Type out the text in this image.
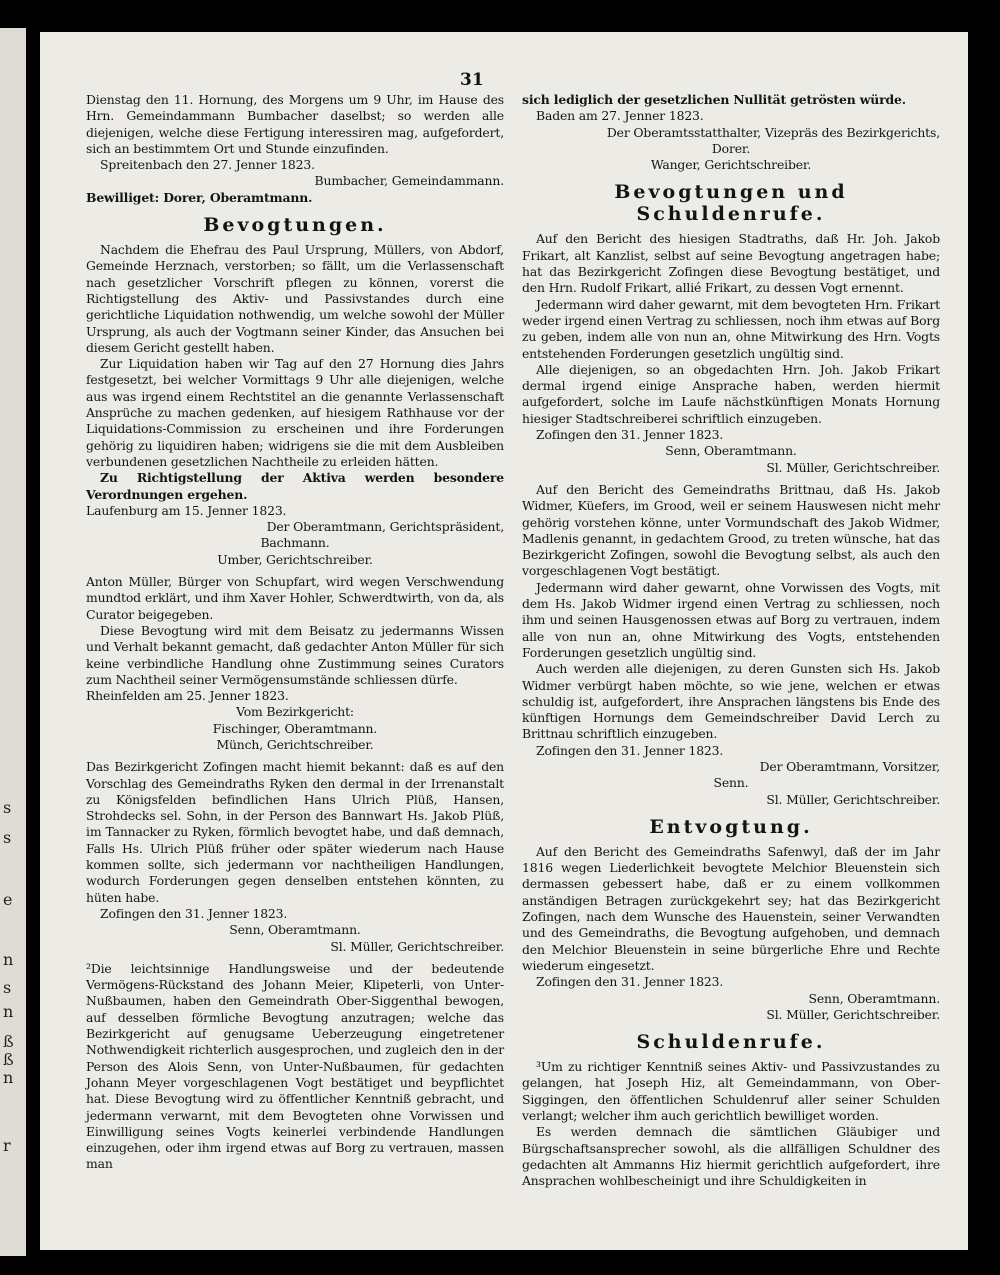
s
s
e
n
s
n
ß
ß
n
r
31

Dienstag den 11. Hornung, des Morgens um 9 Uhr, im Hause des Hrn. Gemeindammann Bumbacher daselbst; so werden alle diejenigen, welche diese Fertigung interessiren mag, aufgefordert, sich an bestimmtem Ort und Stunde einzufinden.

Spreitenbach den 27. Jenner 1823.

Bumbacher, Gemeindammann.

Bewilliget: Dorer, Oberamtmann.

Bevogtungen.

Nachdem die Ehefrau des Paul Ursprung, Müllers, von Abdorf, Gemeinde Herznach, verstorben; so fällt, um die Verlassenschaft nach gesetzlicher Vorschrift pflegen zu können, vorerst die Richtigstellung des Aktiv- und Passivstandes durch eine gerichtliche Liquidation nothwendig, um welche sowohl der Müller Ursprung, als auch der Vogtmann seiner Kinder, das Ansuchen bei diesem Gericht gestellt haben.

Zur Liquidation haben wir Tag auf den 27 Hornung dies Jahrs festgesetzt, bei welcher Vormittags 9 Uhr alle diejenigen, welche aus was irgend einem Rechtstitel an die genannte Verlassenschaft Ansprüche zu machen gedenken, auf hiesigem Rathhause vor der Liquidations-Commission zu erscheinen und ihre Forderungen gehörig zu liquidiren haben; widrigens sie die mit dem Ausbleiben verbundenen gesetzlichen Nachtheile zu erleiden hätten.

Zu Richtigstellung der Aktiva werden besondere Verordnungen ergehen.

Laufenburg am 15. Jenner 1823.

Der Oberamtmann, Gerichtspräsident,

Bachmann.

Umber, Gerichtschreiber.

Anton Müller, Bürger von Schupfart, wird wegen Verschwendung mundtod erklärt, und ihm Xaver Hohler, Schwerdtwirth, von da, als Curator beigegeben.

Diese Bevogtung wird mit dem Beisatz zu jedermanns Wissen und Verhalt bekannt gemacht, daß gedachter Anton Müller für sich keine verbindliche Handlung ohne Zustimmung seines Curators zum Nachtheil seiner Vermögensumstände schliessen dürfe.

Rheinfelden am 25. Jenner 1823.

Vom Bezirkgericht:

Fischinger, Oberamtmann.

Münch, Gerichtschreiber.

Das Bezirkgericht Zofingen macht hiemit bekannt: daß es auf den Vorschlag des Gemeindraths Ryken den dermal in der Irrenanstalt zu Königsfelden befindlichen Hans Ulrich Plüß, Hansen, Strohdecks sel. Sohn, in der Person des Bannwart Hs. Jakob Plüß, im Tannacker zu Ryken, förmlich bevogtet habe, und daß demnach, Falls Hs. Ulrich Plüß früher oder später wiederum nach Hause kommen sollte, sich jedermann vor nachtheiligen Handlungen, wodurch Forderungen gegen denselben entstehen könnten, zu hüten habe.

Zofingen den 31. Jenner 1823.

Senn, Oberamtmann.

Sl. Müller, Gerichtschreiber.

²Die leichtsinnige Handlungsweise und der bedeutende Vermögens-Rückstand des Johann Meier, Klipeterli, von Unter-Nußbaumen, haben den Gemeindrath Ober-Siggenthal bewogen, auf desselben förmliche Bevogtung anzutragen; welche das Bezirkgericht auf genugsame Ueberzeugung eingetretener Nothwendigkeit richterlich ausgesprochen, und zugleich den in der Person des Alois Senn, von Unter-Nußbaumen, für gedachten Johann Meyer vorgeschlagenen Vogt bestätiget und beypflichtet hat. Diese Bevogtung wird zu öffentlicher Kenntniß gebracht, und jedermann verwarnt, mit dem Bevogteten ohne Vorwissen und Einwilligung seines Vogts keinerlei verbindende Handlungen einzugehen, oder ihm irgend etwas auf Borg zu vertrauen, massen man

sich lediglich der gesetzlichen Nullität getrösten würde.

Baden am 27. Jenner 1823.

Der Oberamtsstatthalter, Vizepräs des Bezirkgerichts,

Dorer.

Wanger, Gerichtschreiber.

Bevogtungen und Schuldenrufe.

Auf den Bericht des hiesigen Stadtraths, daß Hr. Joh. Jakob Frikart, alt Kanzlist, selbst auf seine Bevogtung angetragen habe; hat das Bezirkgericht Zofingen diese Bevogtung bestätiget, und den Hrn. Rudolf Frikart, allié Frikart, zu dessen Vogt ernennt.

Jedermann wird daher gewarnt, mit dem bevogteten Hrn. Frikart weder irgend einen Vertrag zu schliessen, noch ihm etwas auf Borg zu geben, indem alle von nun an, ohne Mitwirkung des Hrn. Vogts entstehenden Forderungen gesetzlich ungültig sind.

Alle diejenigen, so an obgedachten Hrn. Joh. Jakob Frikart dermal irgend einige Ansprache haben, werden hiermit aufgefordert, solche im Laufe nächstkünftigen Monats Hornung hiesiger Stadtschreiberei schriftlich einzugeben.

Zofingen den 31. Jenner 1823.

Senn, Oberamtmann.

Sl. Müller, Gerichtschreiber.

Auf den Bericht des Gemeindraths Brittnau, daß Hs. Jakob Widmer, Küefers, im Grood, weil er seinem Hauswesen nicht mehr gehörig vorstehen könne, unter Vormundschaft des Jakob Widmer, Madlenis genannt, in gedachtem Grood, zu treten wünsche, hat das Bezirkgericht Zofingen, sowohl die Bevogtung selbst, als auch den vorgeschlagenen Vogt bestätigt.

Jedermann wird daher gewarnt, ohne Vorwissen des Vogts, mit dem Hs. Jakob Widmer irgend einen Vertrag zu schliessen, noch ihm und seinen Hausgenossen etwas auf Borg zu vertrauen, indem alle von nun an, ohne Mitwirkung des Vogts, entstehenden Forderungen gesetzlich ungültig sind.

Auch werden alle diejenigen, zu deren Gunsten sich Hs. Jakob Widmer verbürgt haben möchte, so wie jene, welchen er etwas schuldig ist, aufgefordert, ihre Ansprachen längstens bis Ende des künftigen Hornungs dem Gemeindschreiber David Lerch zu Brittnau schriftlich einzugeben.

Zofingen den 31. Jenner 1823.

Der Oberamtmann, Vorsitzer,

Senn.

Sl. Müller, Gerichtschreiber.

Entvogtung.

Auf den Bericht des Gemeindraths Safenwyl, daß der im Jahr 1816 wegen Liederlichkeit bevogtete Melchior Bleuenstein sich dermassen gebessert habe, daß er zu einem vollkommen anständigen Betragen zurückgekehrt sey; hat das Bezirkgericht Zofingen, nach dem Wunsche des Hauenstein, seiner Verwandten und des Gemeindraths, die Bevogtung aufgehoben, und demnach den Melchior Bleuenstein in seine bürgerliche Ehre und Rechte wiederum eingesetzt.

Zofingen den 31. Jenner 1823.

Senn, Oberamtmann.

Sl. Müller, Gerichtschreiber.

Schuldenrufe.

³Um zu richtiger Kenntniß seines Aktiv- und Passivzustandes zu gelangen, hat Joseph Hiz, alt Gemeindammann, von Ober-Siggingen, den öffentlichen Schuldenruf aller seiner Schulden verlangt; welcher ihm auch gerichtlich bewilliget worden.

Es werden demnach die sämtlichen Gläubiger und Bürgschaftsansprecher sowohl, als die allfälligen Schuldner des gedachten alt Ammanns Hiz hiermit gerichtlich aufgefordert, ihre Ansprachen wohlbescheinigt und ihre Schuldigkeiten in
